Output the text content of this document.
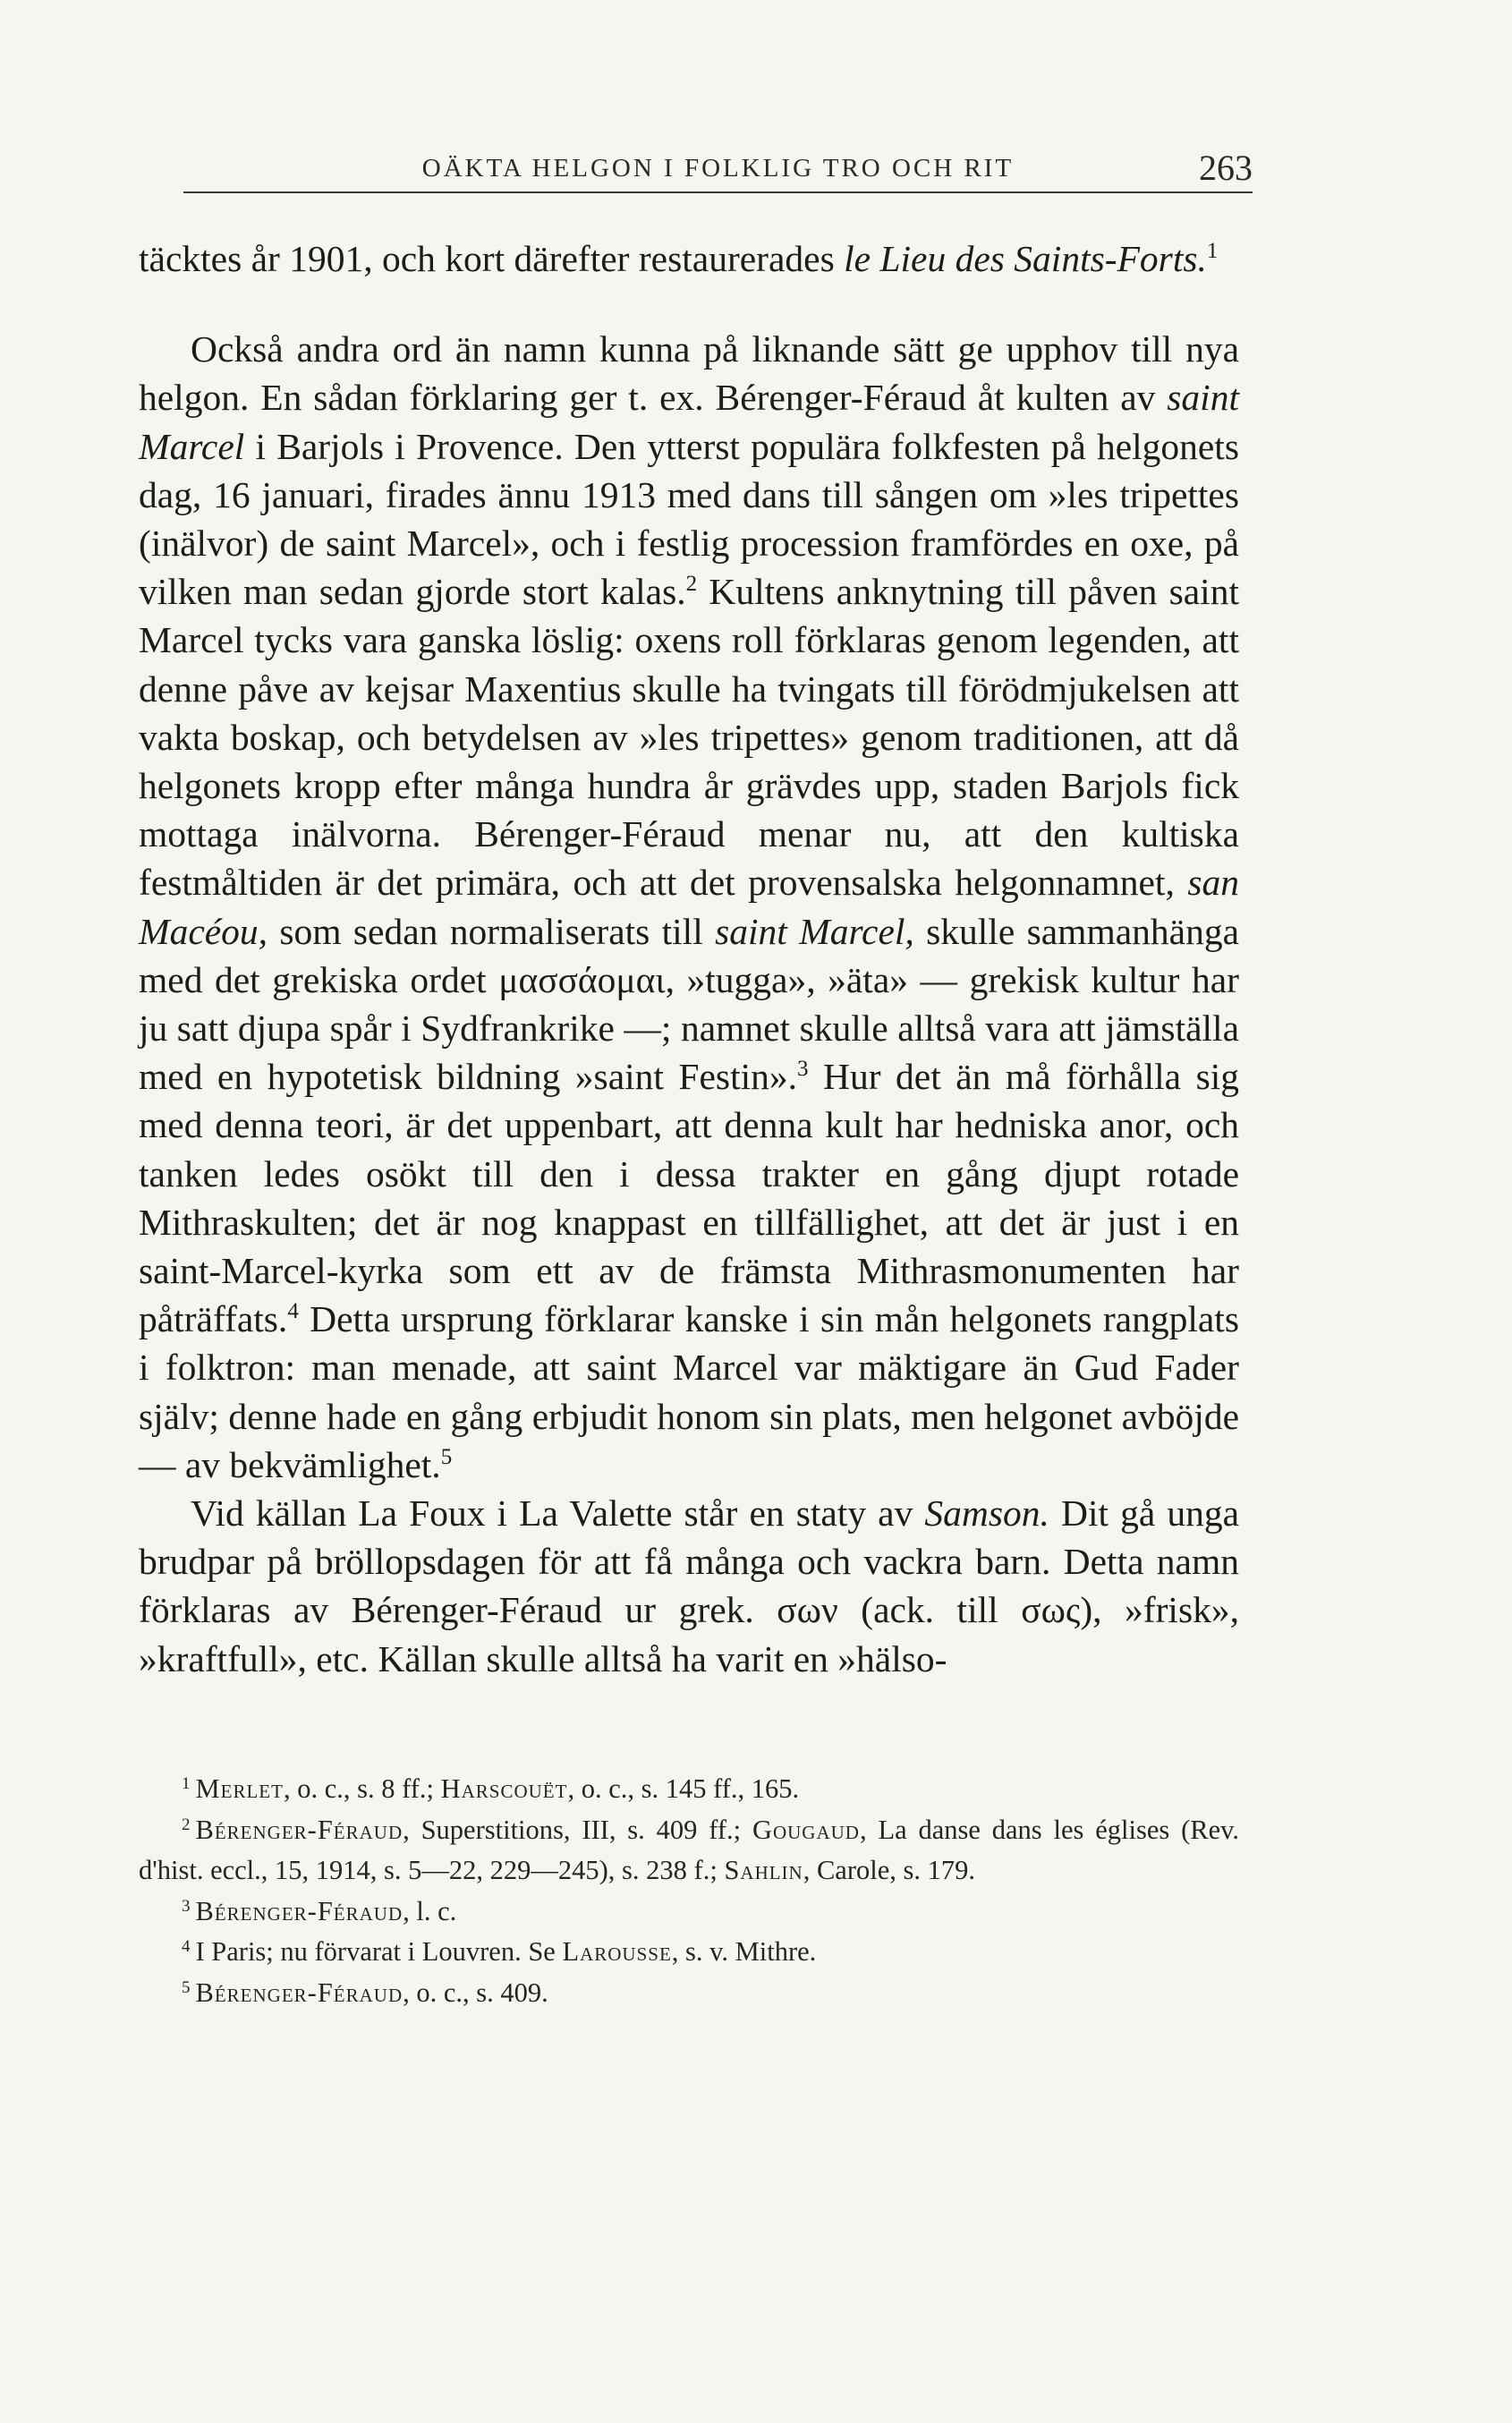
OÄKTA HELGON I FOLKLIG TRO OCH RIT	263

täcktes år 1901, och kort därefter restaurerades le Lieu des Saints-Forts.$^1$

Också andra ord än namn kunna på liknande sätt ge upphov till nya helgon. En sådan förklaring ger t. ex. Bérenger-Féraud åt kulten av saint Marcel i Barjols i Provence. Den ytterst populära folkfesten på helgonets dag, 16 januari, firades ännu 1913 med dans till sången om »les tripettes (inälvor) de saint Marcel», och i festlig procession framfördes en oxe, på vilken man sedan gjorde stort kalas.$^2$ Kultens anknytning till påven saint Marcel tycks vara ganska löslig: oxens roll förklaras genom legenden, att denne påve av kejsar Maxentius skulle ha tvingats till förödmjukelsen att vakta boskap, och betydelsen av »les tripettes» genom traditionen, att då helgonets kropp efter många hundra år grävdes upp, staden Barjols fick mottaga inälvorna. Bérenger-Féraud menar nu, att den kultiska festmåltiden är det primära, och att det provensalska helgonnamnet, san Macéou, som sedan normaliserats till saint Marcel, skulle sammanhänga med det grekiska ordet μασσάομαι, »tugga», »äta» — grekisk kultur har ju satt djupa spår i Sydfrankrike —; namnet skulle alltså vara att jämställa med en hypotetisk bildning »saint Festin».$^3$ Hur det än må förhålla sig med denna teori, är det uppenbart, att denna kult har hedniska anor, och tanken ledes osökt till den i dessa trakter en gång djupt rotade Mithraskulten; det är nog knappast en tillfällighet, att det är just i en saint-Marcel-kyrka som ett av de främsta Mithrasmonumenten har påträffats.$^4$ Detta ursprung förklarar kanske i sin mån helgonets rangplats i folktron: man menade, att saint Marcel var mäktigare än Gud Fader själv; denne hade en gång erbjudit honom sin plats, men helgonet avböjde — av bekvämlighet.$^5$

Vid källan La Foux i La Valette står en staty av Samson. Dit gå unga brudpar på bröllopsdagen för att få många och vackra barn. Detta namn förklaras av Bérenger-Féraud ur grek. σων (ack. till σως), »frisk», »kraftfull», etc. Källan skulle alltså ha varit en »hälso-

$^1$ Merlet, o. c., s. 8 ff.; Harscouët, o. c., s. 145 ff., 165.

$^2$ Bérenger-Féraud, Superstitions, III, s. 409 ff.; Gougaud, La danse dans les églises (Rev. d'hist. eccl., 15, 1914, s. 5—22, 229—245), s. 238 f.; Sahlin, Carole, s. 179.

$^3$ Bérenger-Féraud, l. c.

$^4$ I Paris; nu förvarat i Louvren. Se Larousse, s. v. Mithre.

$^5$ Bérenger-Féraud, o. c., s. 409.
